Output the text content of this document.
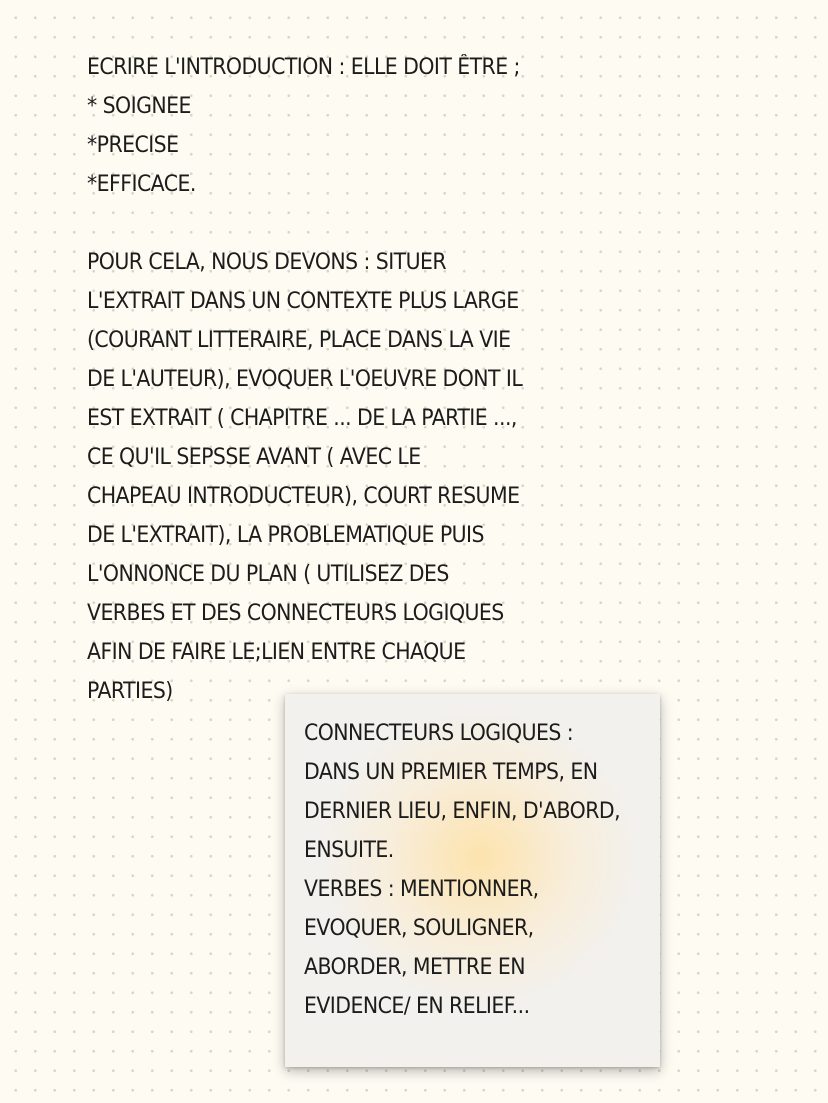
ECRIRE L'INTRODUCTION : ELLE DOIT ÊTRE ;
* SOIGNEE
*PRECISE
*EFFICACE.
POUR CELA, NOUS DEVONS : SITUER
L'EXTRAIT DANS UN CONTEXTE PLUS LARGE
(COURANT LITTERAIRE, PLACE DANS LA VIE
DE L'AUTEUR), EVOQUER L'OEUVRE DONT IL
EST EXTRAIT ( CHAPITRE ... DE LA PARTIE ...,
CE QU'IL SEPSSE AVANT ( AVEC LE
CHAPEAU INTRODUCTEUR), COURT RESUME
DE L'EXTRAIT), LA PROBLEMATIQUE PUIS
L'ONNONCE DU PLAN ( UTILISEZ DES
VERBES ET DES CONNECTEURS LOGIQUES
AFIN DE FAIRE LE;LIEN ENTRE CHAQUE
PARTIES)
CONNECTEURS LOGIQUES :
DANS UN PREMIER TEMPS, EN
DERNIER LIEU, ENFIN, D'ABORD,
ENSUITE.
VERBES : MENTIONNER,
EVOQUER, SOULIGNER,
ABORDER, METTRE EN
EVIDENCE/ EN RELIEF...
